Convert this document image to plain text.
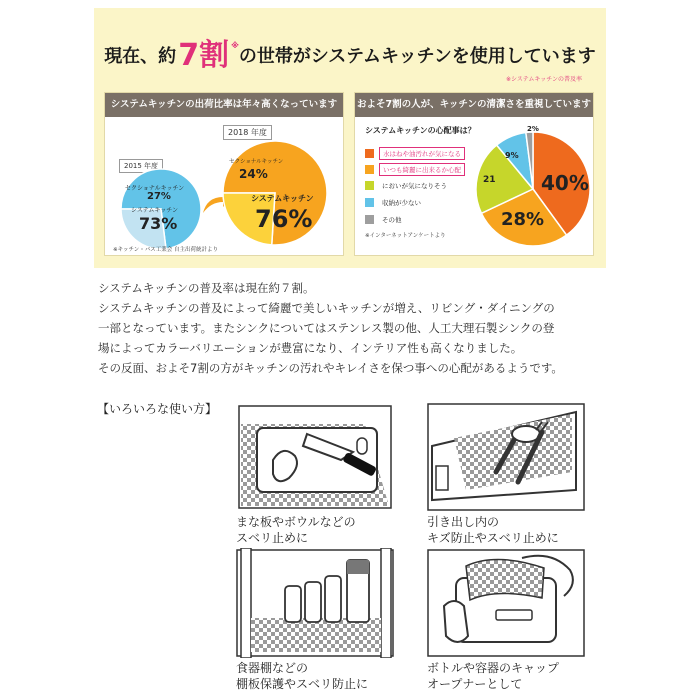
現在、約7割 ※の世帯がシステムキッチンを使用しています
※システムキッチンの普及率
システムキッチンの出荷比率は年々高くなっています
2015 年度
セクショナルキッチン
27%
システムキッチン
73%
2018 年度
セクショナルキッチン
24%
システムキッチン
76%
※キッチン・バス工業会 自主出荷統計より
およそ7割の人が、キッチンの清潔さを重視しています
システムキッチンの心配事は？
水はねや油汚れが気になる
いつも綺麗に出来るか心配
においが気になりそう
収納が少ない
その他
※インターネットアンケートより
40%
28%
21
9%
2%

システムキッチンの普及率は現在約７割。

システムキッチンの普及によって綺麗で美しいキッチンが増え、リビング・ダイニングの

一部となっています。またシンクについてはステンレス製の他、人工大理石製シンクの登

場によってカラーバリエーションが豊富になり、インテリア性も高くなりました。

その反面、およそ7割の方がキッチンの汚れやキレイさを保つ事への心配があるようです。

【いろいろな使い方】
まな板やボウルなどの
スベリ止めに
引き出し内の
キズ防止やスベリ止めに
食器棚などの
棚板保護やスベリ防止に
ボトルや容器のキャップ
オープナーとして
